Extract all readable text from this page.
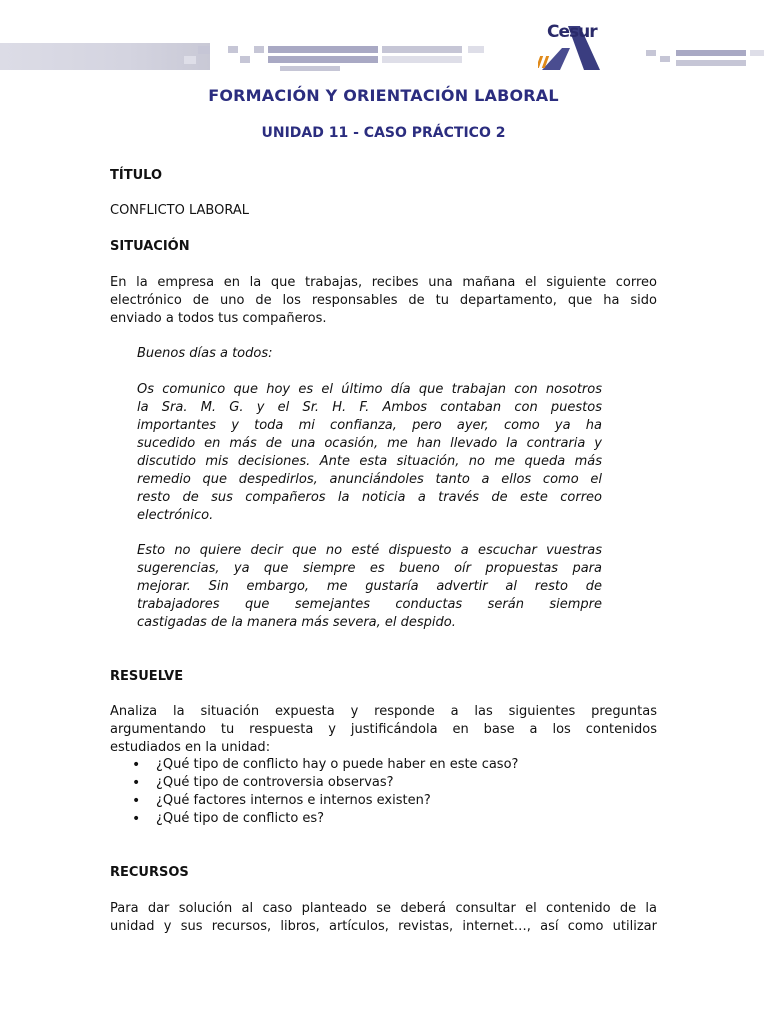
Cesur
FORMACIÓN Y ORIENTACIÓN LABORAL
UNIDAD 11 - CASO PRÁCTICO 2
TÍTULO
CONFLICTO LABORAL
SITUACIÓN
En la empresa en la que trabajas, recibes una mañana el siguiente correo
electrónico de uno de los responsables de tu departamento, que ha sido
enviado a todos tus compañeros.
Buenos días a todos:
Os comunico que hoy es el último día que trabajan con nosotros
la Sra. M. G. y el Sr. H. F. Ambos contaban con puestos
importantes y toda mi confianza, pero ayer, como ya ha
sucedido en más de una ocasión, me han llevado la contraria y
discutido mis decisiones. Ante esta situación, no me queda más
remedio que despedirlos, anunciándoles tanto a ellos como el
resto de sus compañeros la noticia a través de este correo
electrónico.
Esto no quiere decir que no esté dispuesto a escuchar vuestras
sugerencias, ya que siempre es bueno oír propuestas para
mejorar. Sin embargo, me gustaría advertir al resto de
trabajadores que semejantes conductas serán siempre
castigadas de la manera más severa, el despido.
RESUELVE
Analiza la situación expuesta y responde a las siguientes preguntas
argumentando tu respuesta y justificándola en base a los contenidos
estudiados en la unidad:
• ¿Qué tipo de conflicto hay o puede haber en este caso?
• ¿Qué tipo de controversia observas?
• ¿Qué factores internos e internos existen?
• ¿Qué tipo de conflicto es?
RECURSOS
Para dar solución al caso planteado se deberá consultar el contenido de la
unidad y sus recursos, libros, artículos, revistas, internet…, así como utilizar
